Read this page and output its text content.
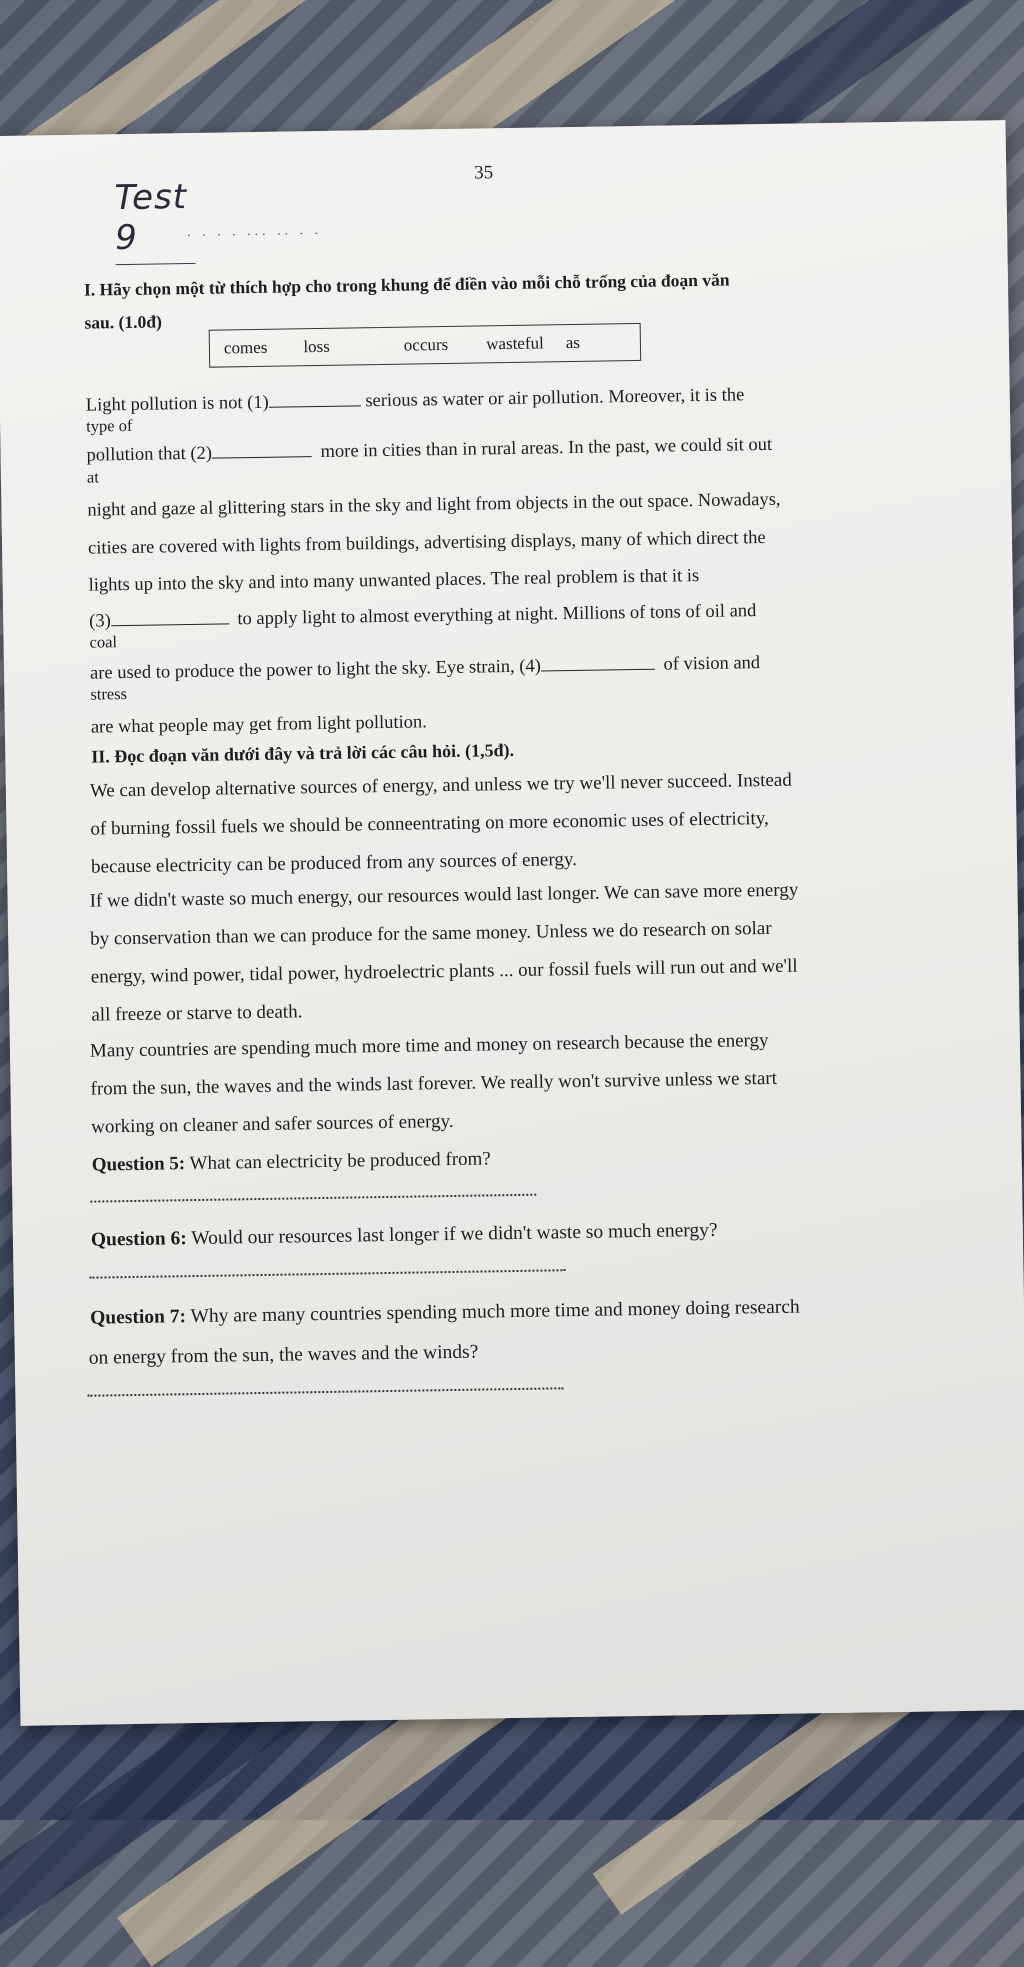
Test 9
35
. . . . ... .. . .
I. Hãy chọn một từ thích hợp cho trong khung để điền vào mỗi chỗ trống của đoạn văn
sau. (1.0đ)
comes loss	occurs wasteful as
Light pollution is not (1)	serious as water or air pollution. Moreover, it is the
type of
pollution that (2)	more in cities than in rural areas. In the past, we could sit out
at
night and gaze al glittering stars in the sky and light from objects in the out space. Nowadays,
cities are covered with lights from buildings, advertising displays, many of which direct the
lights up into the sky and into many unwanted places. The real problem is that it is
(3)	to apply light to almost everything at night. Millions of tons of oil and
coal
are used to produce the power to light the sky. Eye strain, (4)	of vision and
stress
are what people may get from light pollution.
II. Đọc đoạn văn dưới đây và trả lời các câu hỏi. (1,5đ).
We can develop alternative sources of energy, and unless we try we'll never succeed. Instead
of burning fossil fuels we should be conneentrating on more economic uses of electricity,
because electricity can be produced from any sources of energy.
If we didn't waste so much energy, our resources would last longer. We can save more energy
by conservation than we can produce for the same money. Unless we do research on solar
energy, wind power, tidal power, hydroelectric plants ... our fossil fuels will run out and we'll
all freeze or starve to death.
Many countries are spending much more time and money on research because the energy
from the sun, the waves and the winds last forever. We really won't survive unless we start
working on cleaner and safer sources of energy.
Question 5: What can electricity be produced from?
Question 6: Would our resources last longer if we didn't waste so much energy?
Question 7: Why are many countries spending much more time and money doing research
on energy from the sun, the waves and the winds?
